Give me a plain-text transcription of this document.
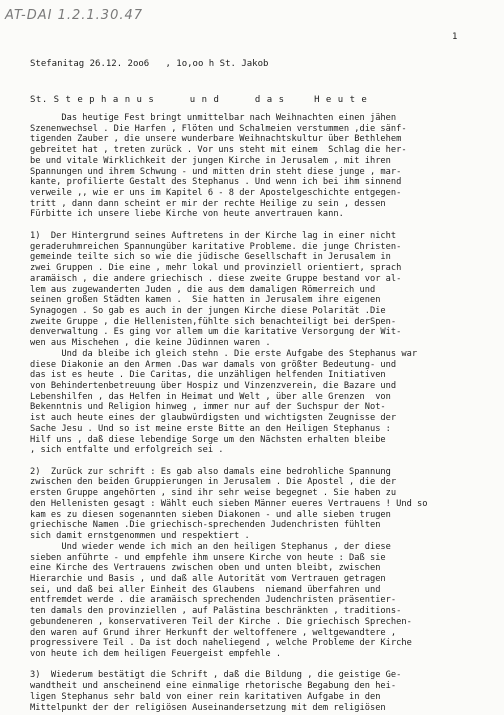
AT-DAI 1.2.1.30.47
1
Stefanitag 26.12. 2oo6   , 1o,oo h St. Jakob
St. S t e p h a n u s      u n d      d a s     H e u t e
Das heutige Fest bringt unmittelbar nach Weihnachten einen jähen
Szenenwechsel . Die Harfen , Flöten und Schalmeien verstummen ,die sänf-
tigenden Zauber , die unsere wunderbare Weihnachtskultur über Bethlehem
gebreitet hat , treten zurück . Vor uns steht mit einem  Schlag die her-
be und vitale Wirklichkeit der jungen Kirche in Jerusalem , mit ihren
Spannungen und ihrem Schwung - und mitten drin steht diese junge , mar-
kante, profilierte Gestalt des Stephanus . Und wenn ich bei ihm sinnend
verweile ,, wie er uns im Kapitel 6 - 8 der Apostelgeschichte entgegen-
tritt , dann dann scheint er mir der rechte Heilige zu sein , dessen
Fürbitte ich unsere liebe Kirche von heute anvertrauen kann.
1)  Der Hintergrund seines Auftretens in der Kirche lag in einer nicht
geraderuhmreichen Spannungüber karitative Probleme. die junge Christen-
gemeinde teilte sich so wie die jüdische Gesellschaft in Jerusalem in
zwei Gruppen . Die eine , mehr lokal und provinziell orientiert, sprach
aramäisch , die andere griechisch . diese zweite Gruppe bestand vor al-
lem aus zugewanderten Juden , die aus dem damaligen Römerreich und
seinen großen Städten kamen .  Sie hatten in Jerusalem ihre eigenen
Synagogen . So gab es auch in der jungen Kirche diese Polarität .Die
zweite Gruppe , die Hellenisten,fühlte sich benachteiligt bei derSpen-
denverwaltung . Es ging vor allem um die karitative Versorgung der Wit-
wen aus Mischehen , die keine Jüdinnen waren .
Und da bleibe ich gleich stehn . Die erste Aufgabe des Stephanus war
diese Diakonie an den Armen .Das war damals von größter Bedeutung- und
das ist es heute . Die Caritas, die unzähligen helfenden Initiativen
von Behindertenbetreuung über Hospiz und Vinzenzverein, die Bazare und
Lebenshilfen , das Helfen in Heimat und Welt , über alle Grenzen  von
Bekenntnis und Religion hinweg , immer nur auf der Suchspur der Not-
ist auch heute eines der glaubwürdigsten und wichtigsten Zeugnisse der
Sache Jesu . Und so ist meine erste Bitte an den Heiligen Stephanus :
Hilf uns , daß diese lebendige Sorge um den Nächsten erhalten bleibe
, sich entfalte und erfolgreich sei .
2)  Zurück zur schrift : Es gab also damals eine bedrohliche Spannung
zwischen den beiden Gruppierungen in Jerusalem . Die Apostel , die der
ersten Gruppe angehörten , sind ihr sehr weise begegnet . Sie haben zu
den Hellenisten gesagt : Wählt euch sieben Männer eueres Vertrauens ! Und so
kam es zu diesen sogenannten sieben Diakonen - und alle sieben trugen
griechische Namen .Die griechisch-sprechenden Judenchristen fühlten
sich damit ernstgenommen und respektiert .
Und wieder wende ich mich an den heiligen Stephanus , der diese
sieben anführte - und empfehle ihm unsere Kirche von heute : Daß sie
eine Kirche des Vertrauens zwischen oben und unten bleibt, zwischen
Hierarchie und Basis , und daß alle Autorität vom Vertrauen getragen
sei, und daß bei aller Einheit des Glaubens  niemand überfahren und
entfremdet werde . die aramäisch sprechenden Judenchristen präsentier-
ten damals den provinziellen , auf Palästina beschränkten , traditions-
gebundeneren , konservativeren Teil der Kirche . Die griechisch Sprechen-
den waren auf Grund ihrer Herkunft der weltoffenere , weltgewandtere ,
progressivere Teil . Da ist doch naheliegend , welche Probleme der Kirche
von heute ich dem heiligen Feuergeist empfehle .
3)  Wiederum bestätigt die Schrift , daß die Bildung , die geistige Ge-
wandtheit und anscheinend eine einmalige rhetorische Begabung den hei-
ligen Stephanus sehr bald von einer rein karitativen Aufgabe in den
Mittelpunkt der der religiösen Auseinandersetzung mit dem religiösen
